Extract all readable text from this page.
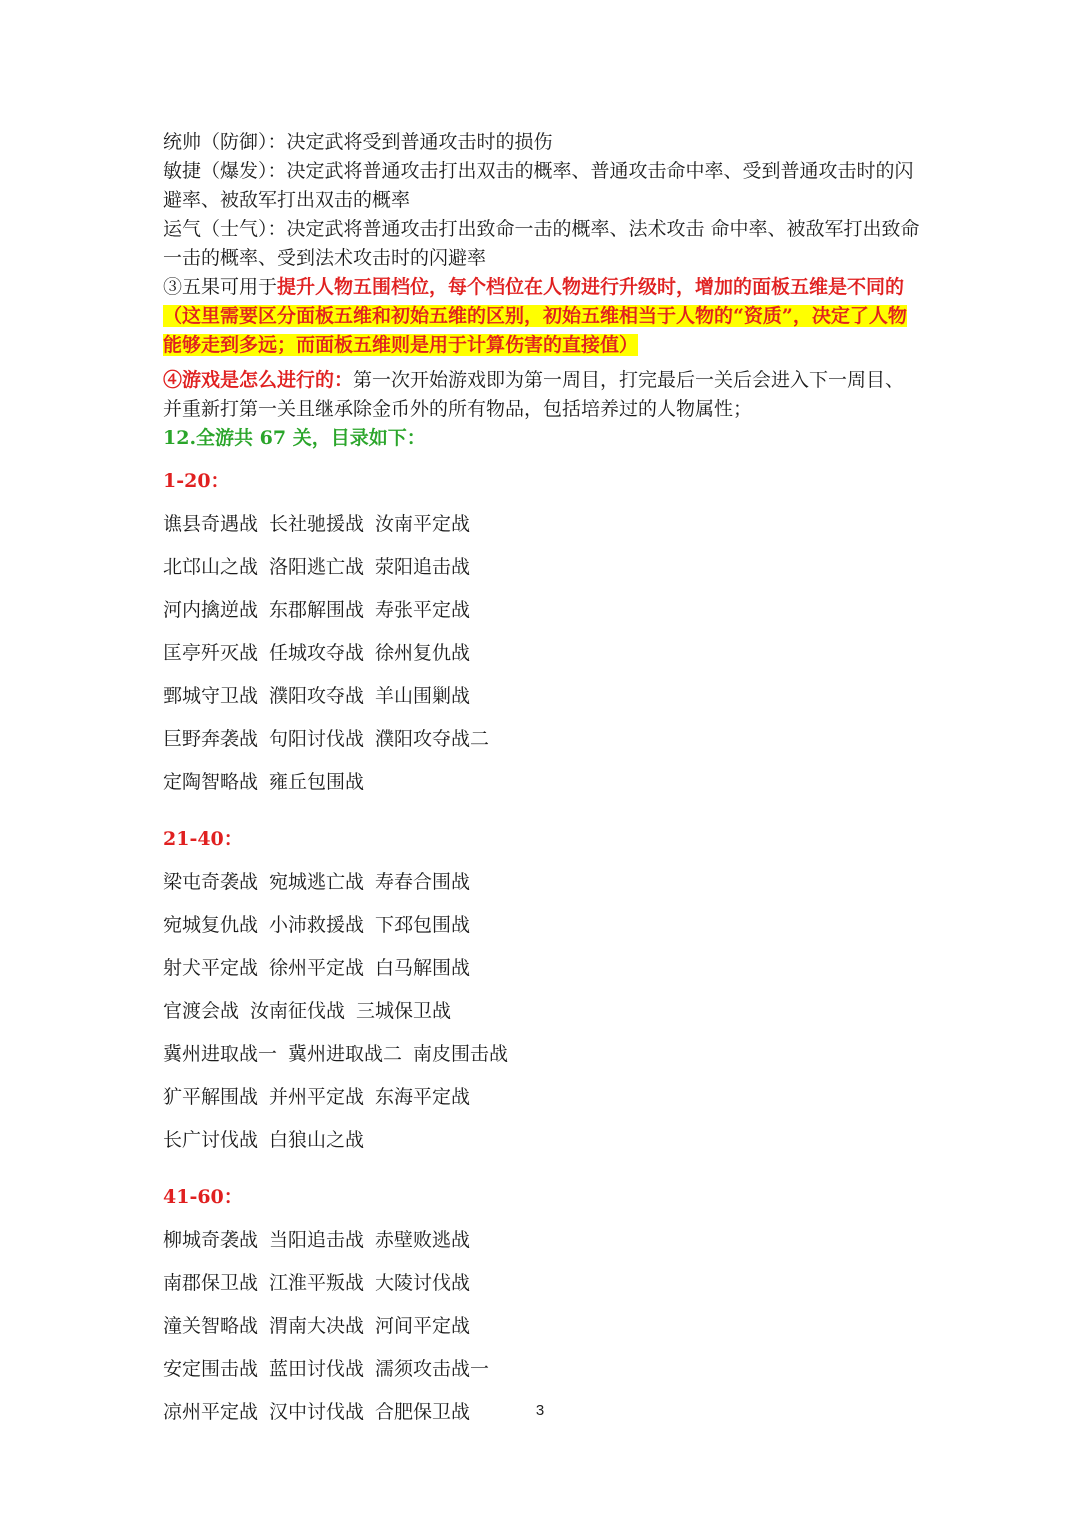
统帅（防御）：决定武将受到普通攻击时的损伤

敏捷（爆发）：决定武将普通攻击打出双击的概率、普通攻击命中率、受到普通攻击时的闪避率、被敌军打出双击的概率

运气（士气）：决定武将普通攻击打出致命一击的概率、法术攻击 命中率、被敌军打出致命一击的概率、受到法术攻击时的闪避率

③五果可用于提升人物五围档位，每个档位在人物进行升级时，增加的面板五维是不同的
（这里需要区分面板五维和初始五维的区别，初始五维相当于人物的“资质”，决定了人物能够走到多远；而面板五维则是用于计算伤害的直接值）

④游戏是怎么进行的：第一次开始游戏即为第一周目，打完最后一关后会进入下一周目、并重新打第一关且继承除金币外的所有物品，包括培养过的人物属性；

12.全游共 67 关，目录如下：

1-20：

谯县奇遇战 长社驰援战 汝南平定战
北邙山之战 洛阳逃亡战 荥阳追击战
河内擒逆战 东郡解围战 寿张平定战
匡亭歼灭战 任城攻夺战 徐州复仇战
鄄城守卫战 濮阳攻夺战 羊山围剿战
巨野奔袭战 句阳讨伐战 濮阳攻夺战二
定陶智略战 雍丘包围战

21-40：

梁屯奇袭战 宛城逃亡战 寿春合围战
宛城复仇战 小沛救援战 下邳包围战
射犬平定战 徐州平定战 白马解围战
官渡会战 汝南征伐战 三城保卫战
冀州进取战一 冀州进取战二 南皮围击战
犷平解围战 并州平定战 东海平定战
长广讨伐战 白狼山之战

41-60：

柳城奇袭战 当阳追击战 赤壁败逃战
南郡保卫战 江淮平叛战 大陵讨伐战
潼关智略战 渭南大决战 河间平定战
安定围击战 蓝田讨伐战 濡须攻击战一
凉州平定战 汉中讨伐战 合肥保卫战	3
